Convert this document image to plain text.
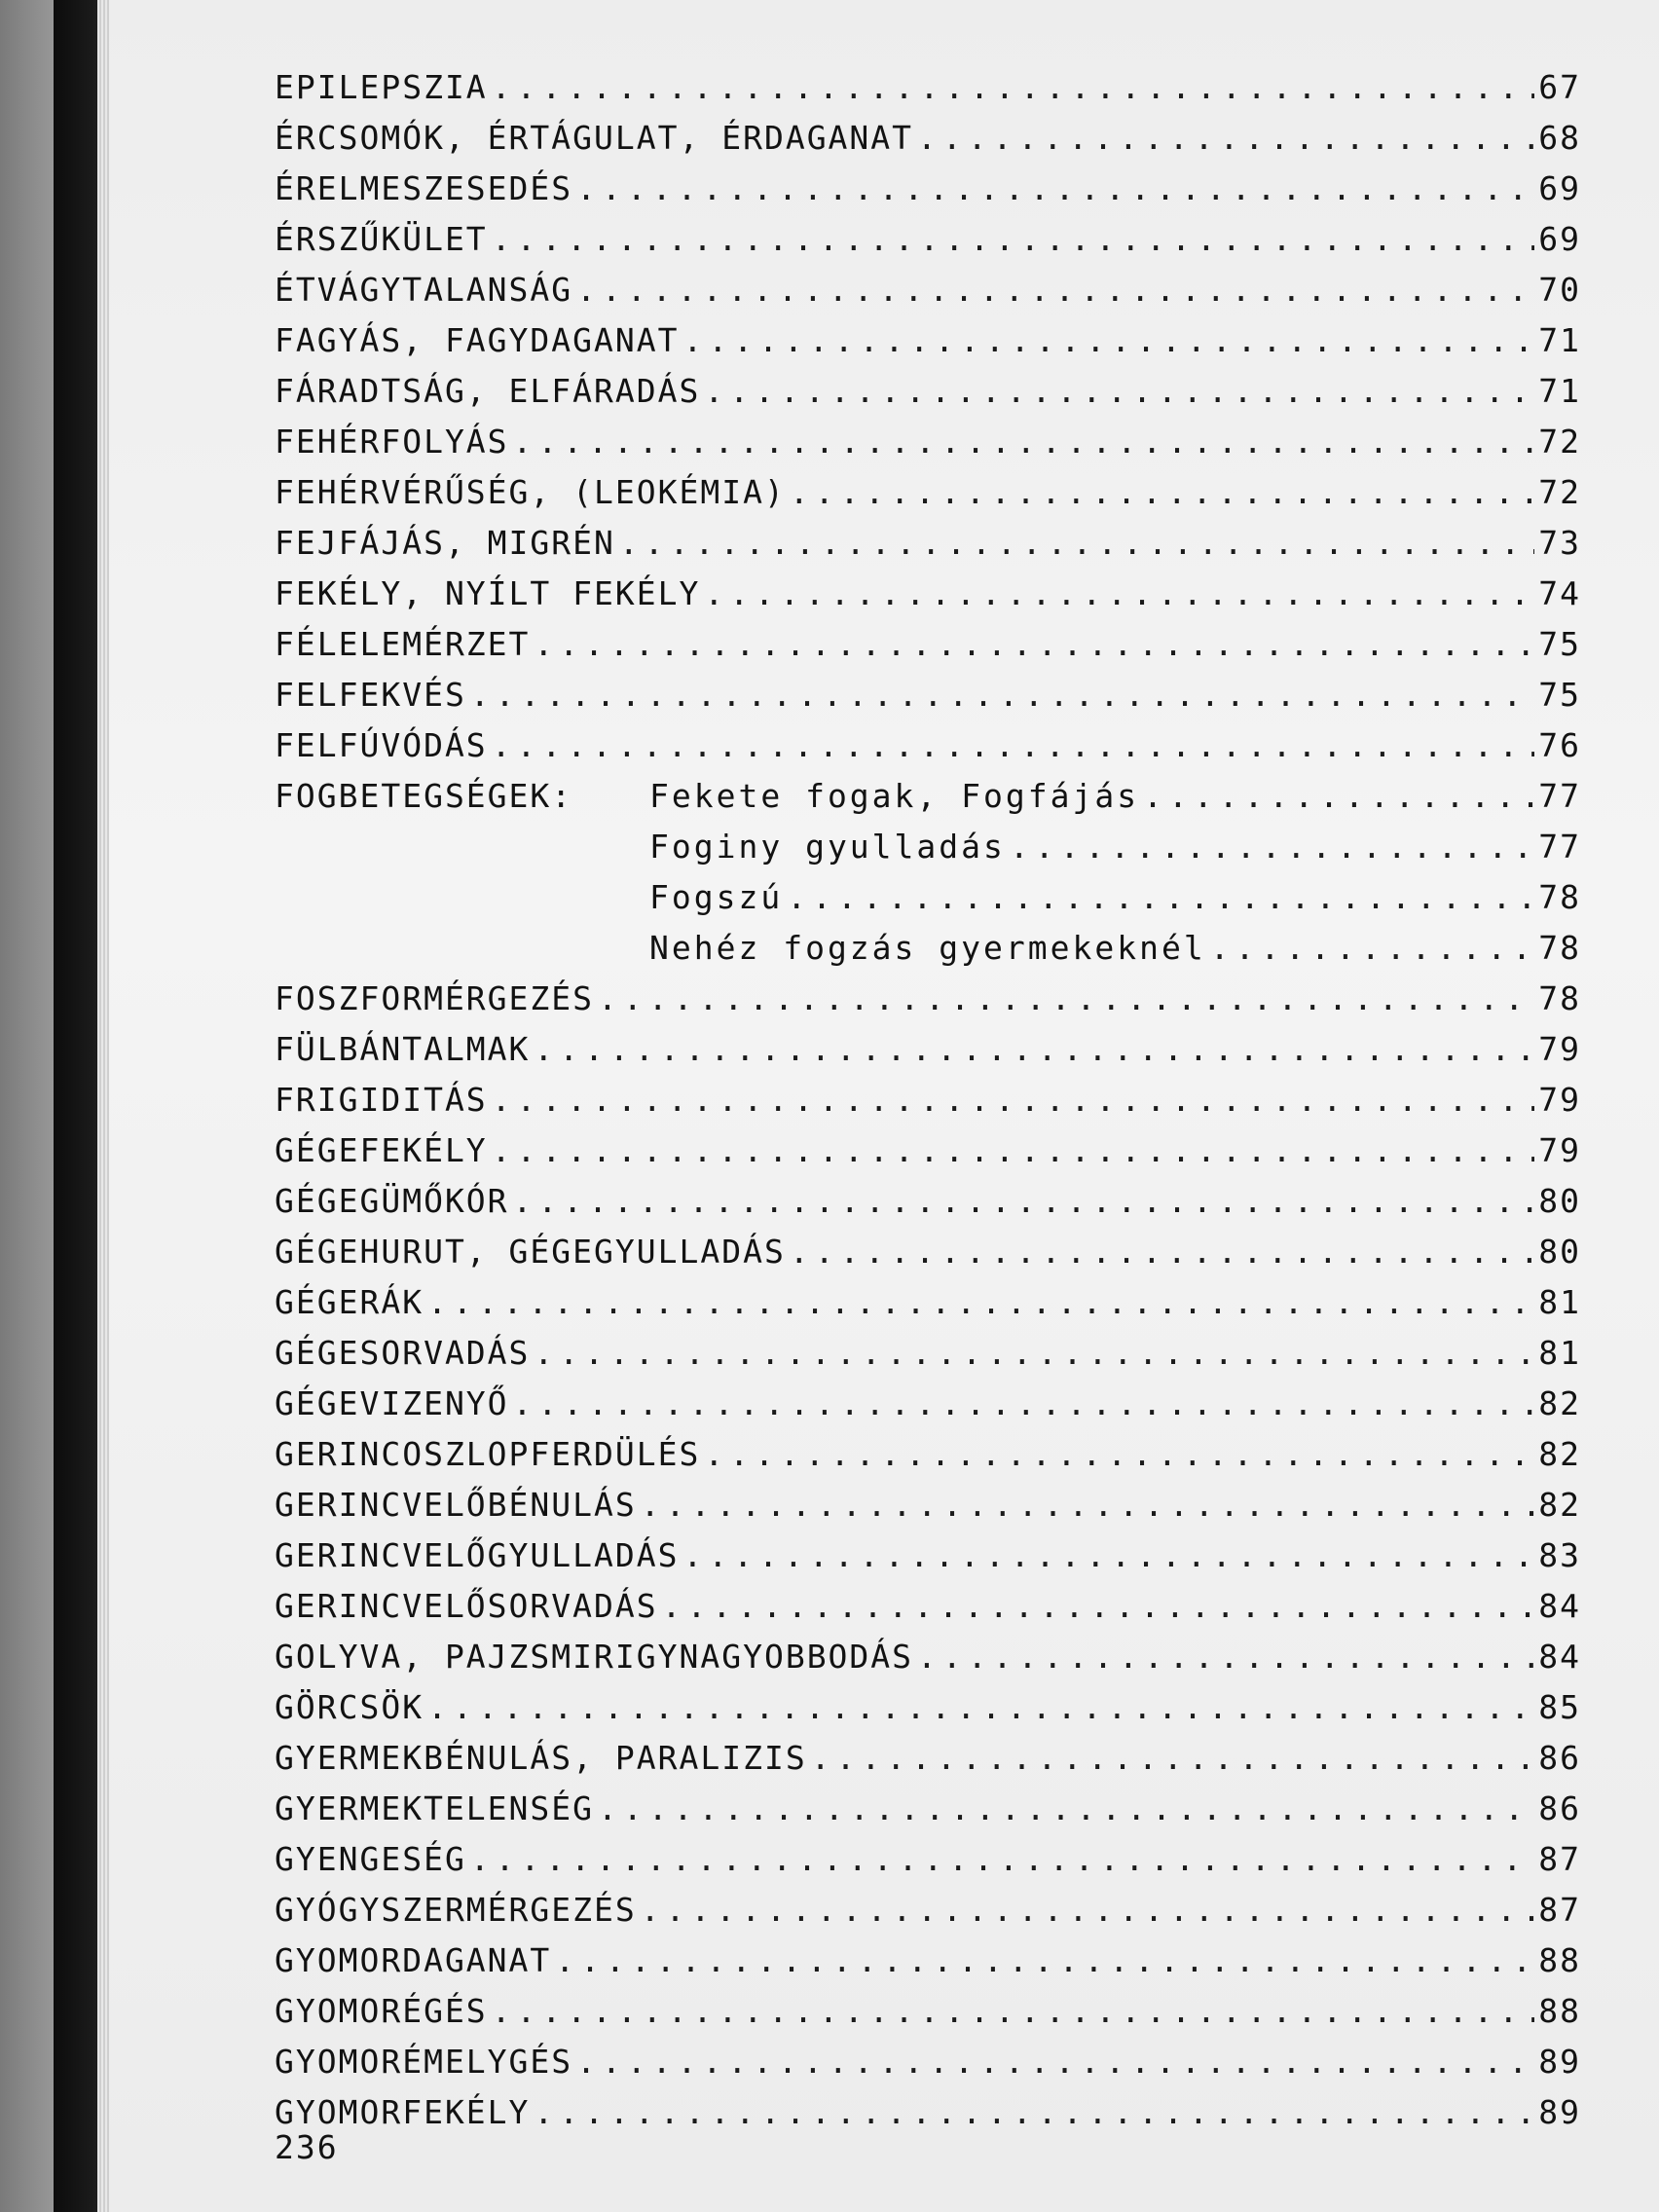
EPILEPSZIA .....	67
ÉRCSOMÓK, ÉRTÁGULAT, ÉRDAGANAT .....	68
ÉRELMESZESEDÉS .....	69
ÉRSZŰKÜLET .....	69
ÉTVÁGYTALANSÁG .....	70
FAGYÁS, FAGYDAGANAT .....	71
FÁRADTSÁG, ELFÁRADÁS .....	71
FEHÉRFOLYÁS .....	72
FEHÉRVÉRŰSÉG, (LEOKÉMIA) .....	72
FEJFÁJÁS, MIGRÉN .....	73
FEKÉLY, NYÍLT FEKÉLY .....	74
FÉLELEMÉRZET .....	75
FELFEKVÉS .....	75
FELFÚVÓDÁS .....	76
FOGBETEGSÉGEK:	Fekete fogak, Fogfájás .....	77
Foginy gyulladás .....	77
Fogszú .....	78
Nehéz fogzás gyermekeknél .....	78
FOSZFORMÉRGEZÉS .....	78
FÜLBÁNTALMAK .....	79
FRIGIDITÁS .....	79
GÉGEFEKÉLY .....	79
GÉGEGÜMŐKÓR .....	80
GÉGEHURUT, GÉGEGYULLADÁS .....	80
GÉGERÁK .....	81
GÉGESORVADÁS .....	81
GÉGEVIZENYŐ .....	82
GERINCOSZLOPFERDÜLÉS .....	82
GERINCVELŐBÉNULÁS .....	82
GERINCVELŐGYULLADÁS .....	83
GERINCVELŐSORVADÁS .....	84
GOLYVA, PAJZSMIRIGYNAGYOBBODÁS .....	84
GÖRCSÖK .....	85
GYERMEKBÉNULÁS, PARALIZIS .....	86
GYERMEKTELENSÉG .....	86
GYENGESÉG .....	87
GYÓGYSZERMÉRGEZÉS .....	87
GYOMORDAGANAT .....	88
GYOMORÉGÉS .....	88
GYOMORÉMELYGÉS .....	89
GYOMORFEKÉLY .....	89
236
